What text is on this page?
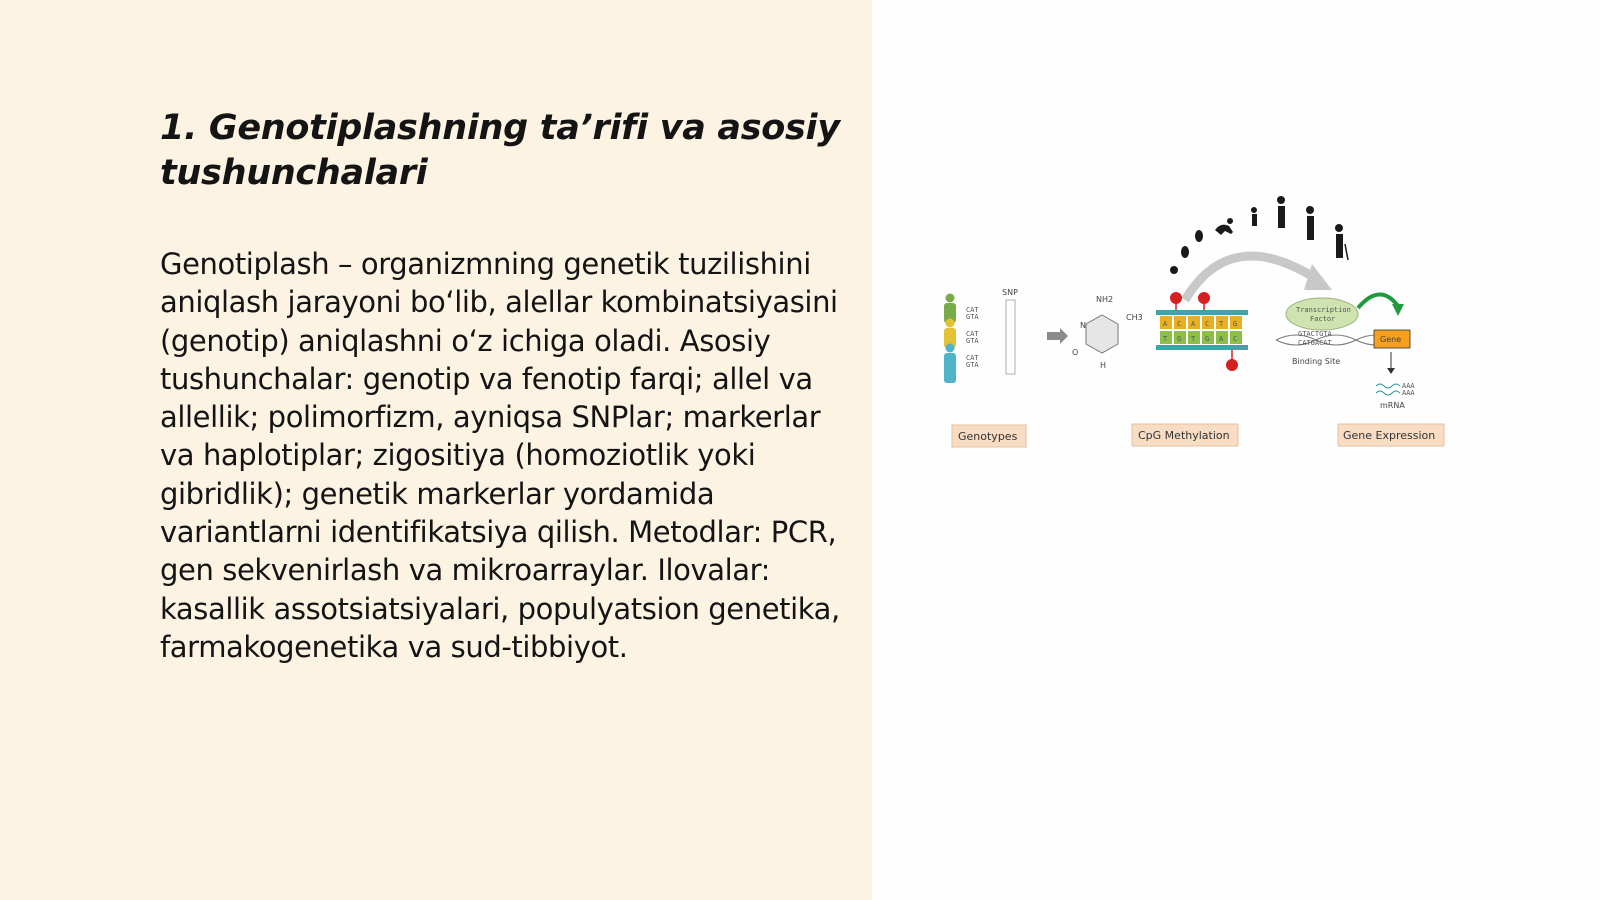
1. Genotiplashning ta’rifi va asosiy tushunchalari

Genotiplash – organizmning genetik tuzilishini aniqlash jarayoni bo‘lib, alellar kombinatsiyasini (genotip) aniqlashni o‘z ichiga oladi. Asosiy tushunchalar: genotip va fenotip farqi; allel va allellik; polimorfizm, ayniqsa SNPlar; markerlar va haplotiplar; zigositiya (homoziotlik yoki gibridlik); genetik markerlar yordamida variantlarni identifikatsiya qilish. Metodlar: PCR, gen sekvenirlash va mikroarraylar. Ilovalar: kasallik assotsiatsiyalari, populyatsion genetika, farmakogenetika va sud-tibbiyot.

CAT
GTA
CAT
GTA
CAT
GTA
SNP
NH2
CH3
O
H
N	A C A C T G
T G T G A C
Transcription
Factor
GTACTGTA
CATGACAT
Binding Site
Gene
AAA
AAA
mRNA
Genotypes	CpG Methylation	Gene Expression
